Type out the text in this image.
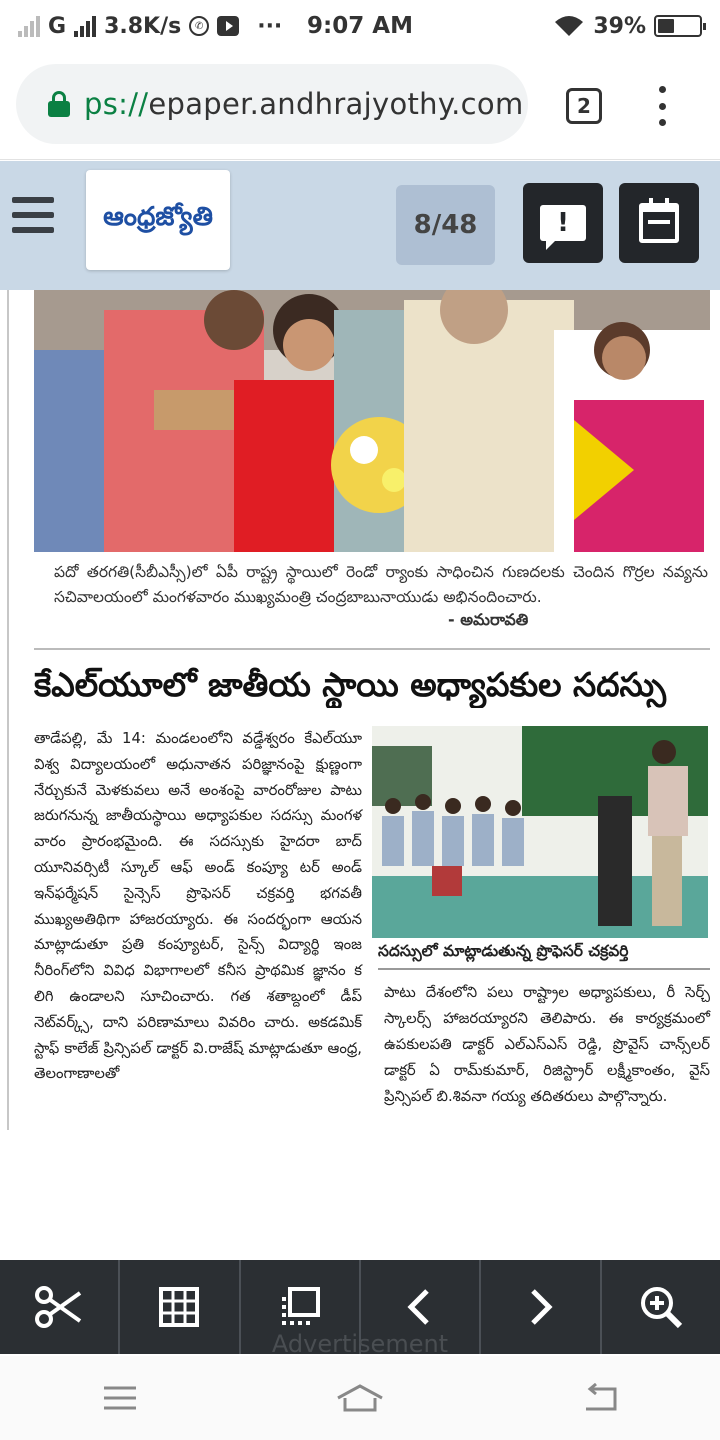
G 3.8K/s	✆ ···	9:07 AM	39%
ps://epaper.andhrajyothy.com	2
ఆంధ్రజ్యోతి	8/48	!
పదో తరగతి(సీబీఎస్సీ)లో ఏపీ రాష్ట్ర స్థాయిలో రెండో ర్యాంకు సాధించిన గుణదలకు చెందిన గొర్రల నవ్యను సచివాలయంలో మంగళవారం ముఖ్యమంత్రి చంద్రబాబునాయుడు అభినందించారు.
- అమరావతి
కేఎల్‌యూలో జాతీయ స్థాయి అధ్యాపకుల సదస్సు
తాడేపల్లి, మే 14: మండలంలోని వడ్డేశ్వరం కేఎల్‌యూ విశ్వ విద్యాలయంలో అధునాతన పరిజ్ఞానంపై క్షుణ్ణంగా నేర్చుకునే మెళకువలు అనే అంశంపై వారంరోజుల పాటు జరుగనున్న జాతీయస్థాయి అధ్యాపకుల సదస్సు మంగళ వారం ప్రారంభమైంది. ఈ సదస్సుకు హైదరా బాద్ యూనివర్సిటీ స్కూల్ ఆఫ్ అండ్ కంప్యూ టర్ అండ్ ఇన్‌ఫర్మేషన్ సైన్సెస్ ప్రొఫెసర్ చక్రవర్తి భగవతీ ముఖ్యఅతిథిగా హాజరయ్యారు. ఈ సందర్భంగా ఆయన మాట్లాడుతూ ప్రతి కంప్యూటర్, సైన్స్ విద్యార్థి ఇంజ నీరింగ్‌లోని వివిధ విభాగాలలో కనీస ప్రాథమిక జ్ఞానం క లిగి ఉండాలని సూచించారు. గత శతాబ్దంలో డీప్ నెట్‌వర్క్స్, దాని పరిణామాలు వివరిం చారు. అకడమిక్ స్టాఫ్ కాలేజ్ ప్రిన్సిపల్ డాక్టర్ వి.రాజేష్ మాట్లాడుతూ ఆంధ్ర, తెలంగాణాలతో
సదస్సులో మాట్లాడుతున్న ప్రొఫెసర్ చక్రవర్తి
పాటు దేశంలోని పలు రాష్ట్రాల అధ్యాపకులు, రీ సెర్చ్ స్కాలర్స్ హాజరయ్యారని తెలిపారు. ఈ కార్యక్రమంలో ఉపకులపతి డాక్టర్ ఎల్ఎస్ఎస్ రెడ్డి, ప్రొవైస్ చాన్స్‌లర్ డాక్టర్ ఏ రామ్‌కుమార్, రిజిస్ట్రార్ లక్ష్మీకాంతం, వైస్ ప్రిన్సిపల్ బి.శివనా గయ్య తదితరులు పాల్గొన్నారు.
Advertisement
